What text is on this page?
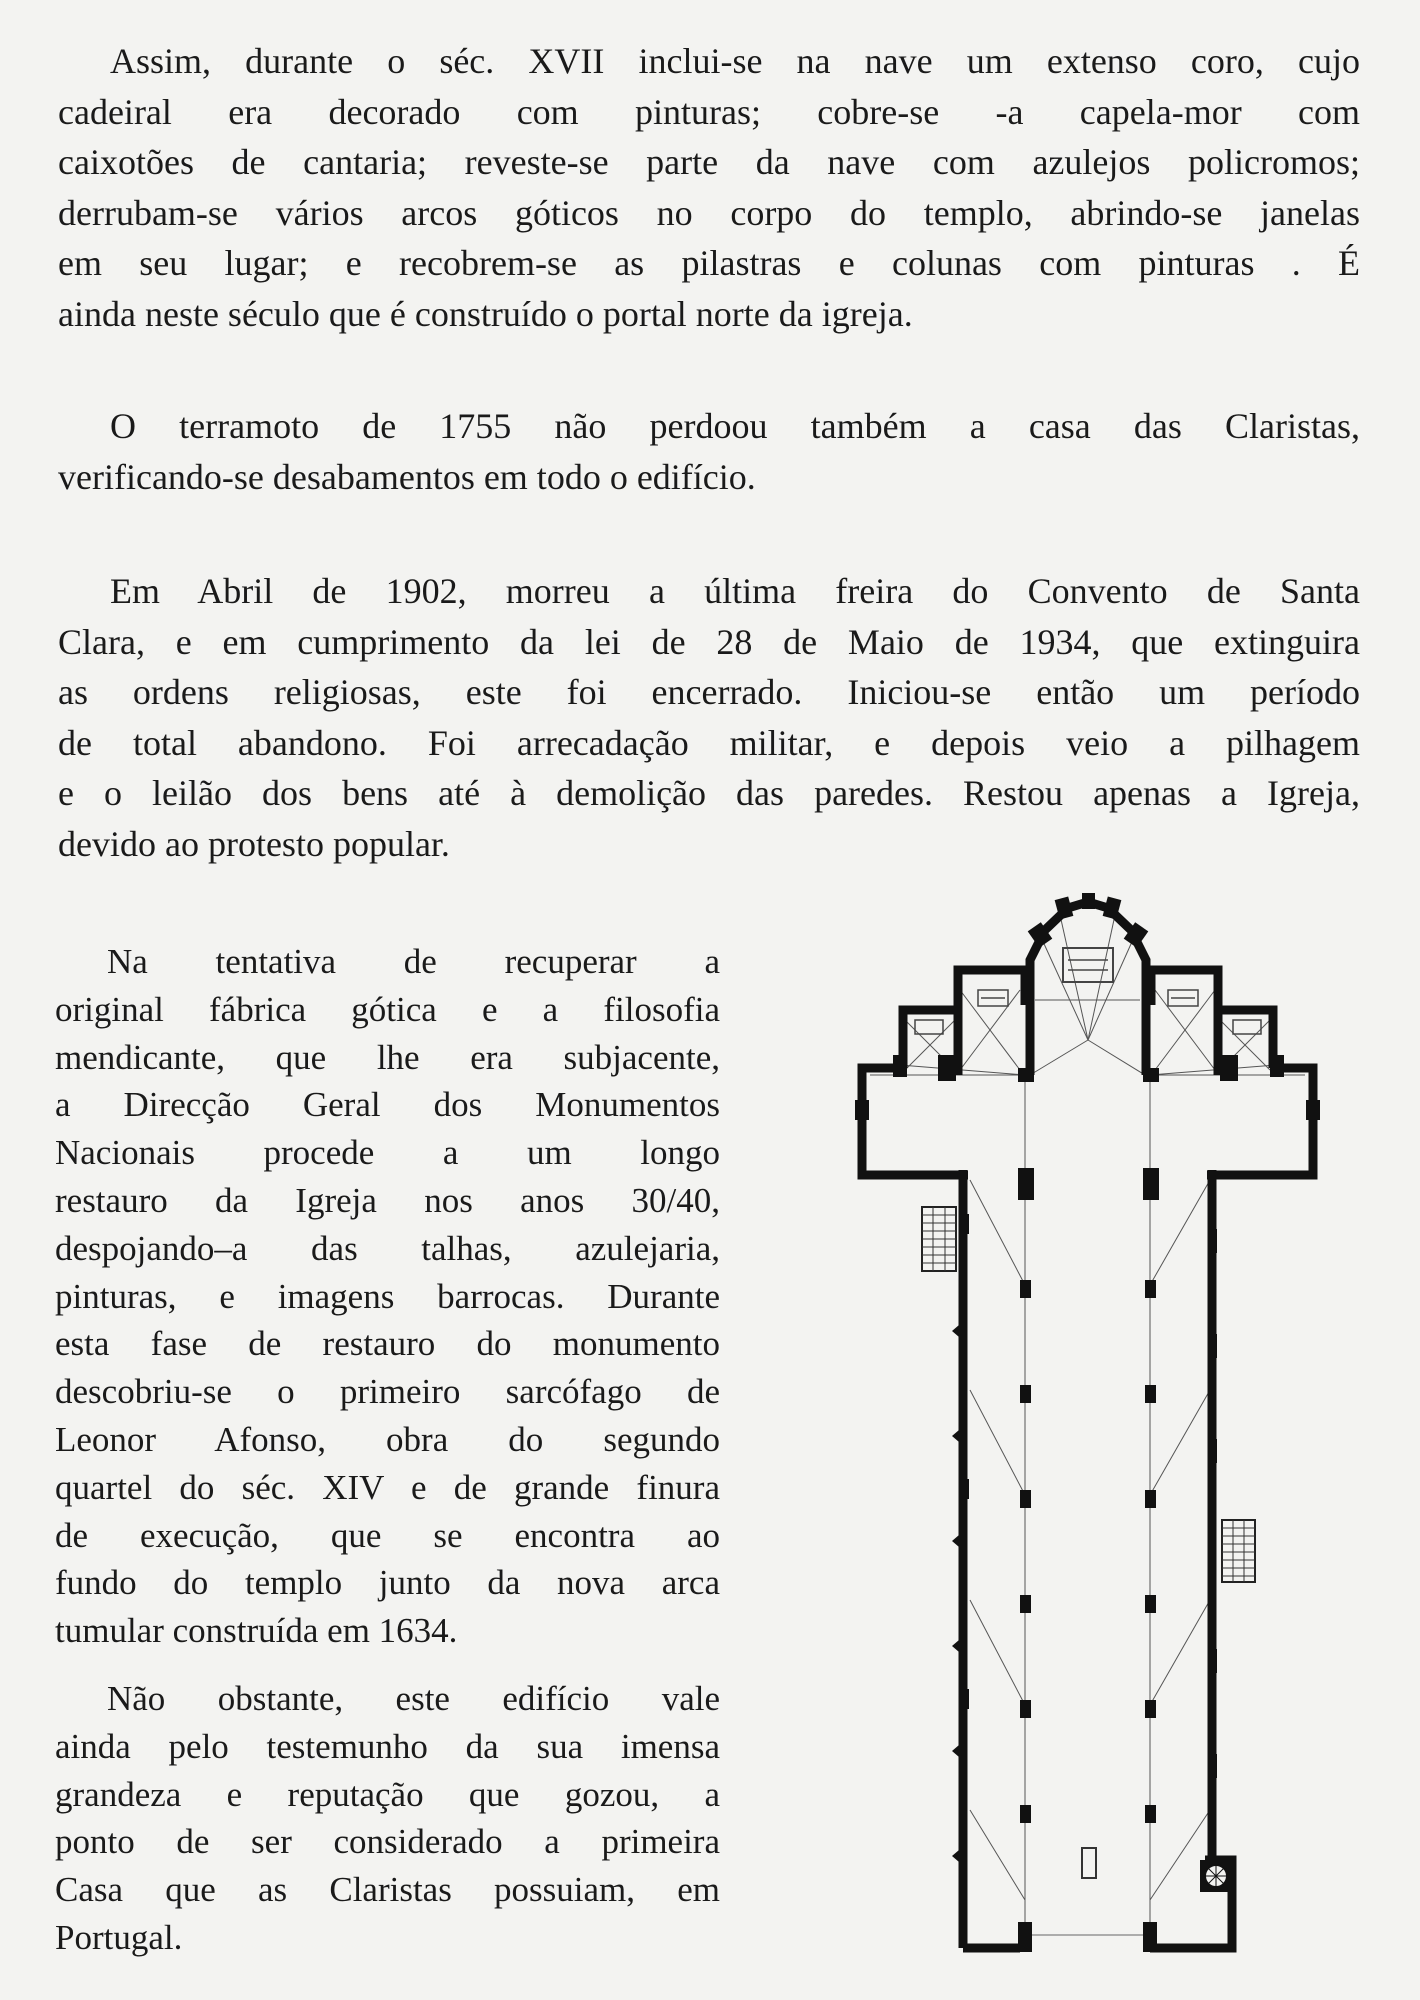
Assim, durante o séc. XVII inclui-se na nave um extenso coro, cujo
cadeiral era decorado com pinturas; cobre-se -a capela-mor com
caixotões de cantaria; reveste-se parte da nave com azulejos policromos;
derrubam-se vários arcos góticos no corpo do templo, abrindo-se janelas
em seu lugar; e recobrem-se as pilastras e colunas com pinturas . É
ainda neste século que é construído o portal norte da igreja.
O terramoto de 1755 não perdoou também a casa das Claristas,
verificando-se desabamentos em todo o edifício.
Em Abril de 1902, morreu a última freira do Convento de Santa
Clara, e em cumprimento da lei de 28 de Maio de 1934, que extinguira
as ordens religiosas, este foi encerrado. Iniciou-se então um período
de total abandono. Foi arrecadação militar, e depois veio a pilhagem
e o leilão dos bens até à demolição das paredes. Restou apenas a Igreja,
devido ao protesto popular.
Na tentativa de recuperar a
original fábrica gótica e a filosofia
mendicante, que lhe era subjacente,
a Direcção Geral dos Monumentos
Nacionais procede a um longo
restauro da Igreja nos anos 30/40,
despojando–a das talhas, azulejaria,
pinturas, e imagens barrocas. Durante
esta fase de restauro do monumento
descobriu-se o primeiro sarcófago de
Leonor Afonso, obra do segundo
quartel do séc. XIV e de grande finura
de execução, que se encontra ao
fundo do templo junto da nova arca
tumular construída em 1634.
Não obstante, este edifício vale
ainda pelo testemunho da sua imensa
grandeza e reputação que gozou, a
ponto de ser considerado a primeira
Casa que as Claristas possuiam, em
Portugal.
